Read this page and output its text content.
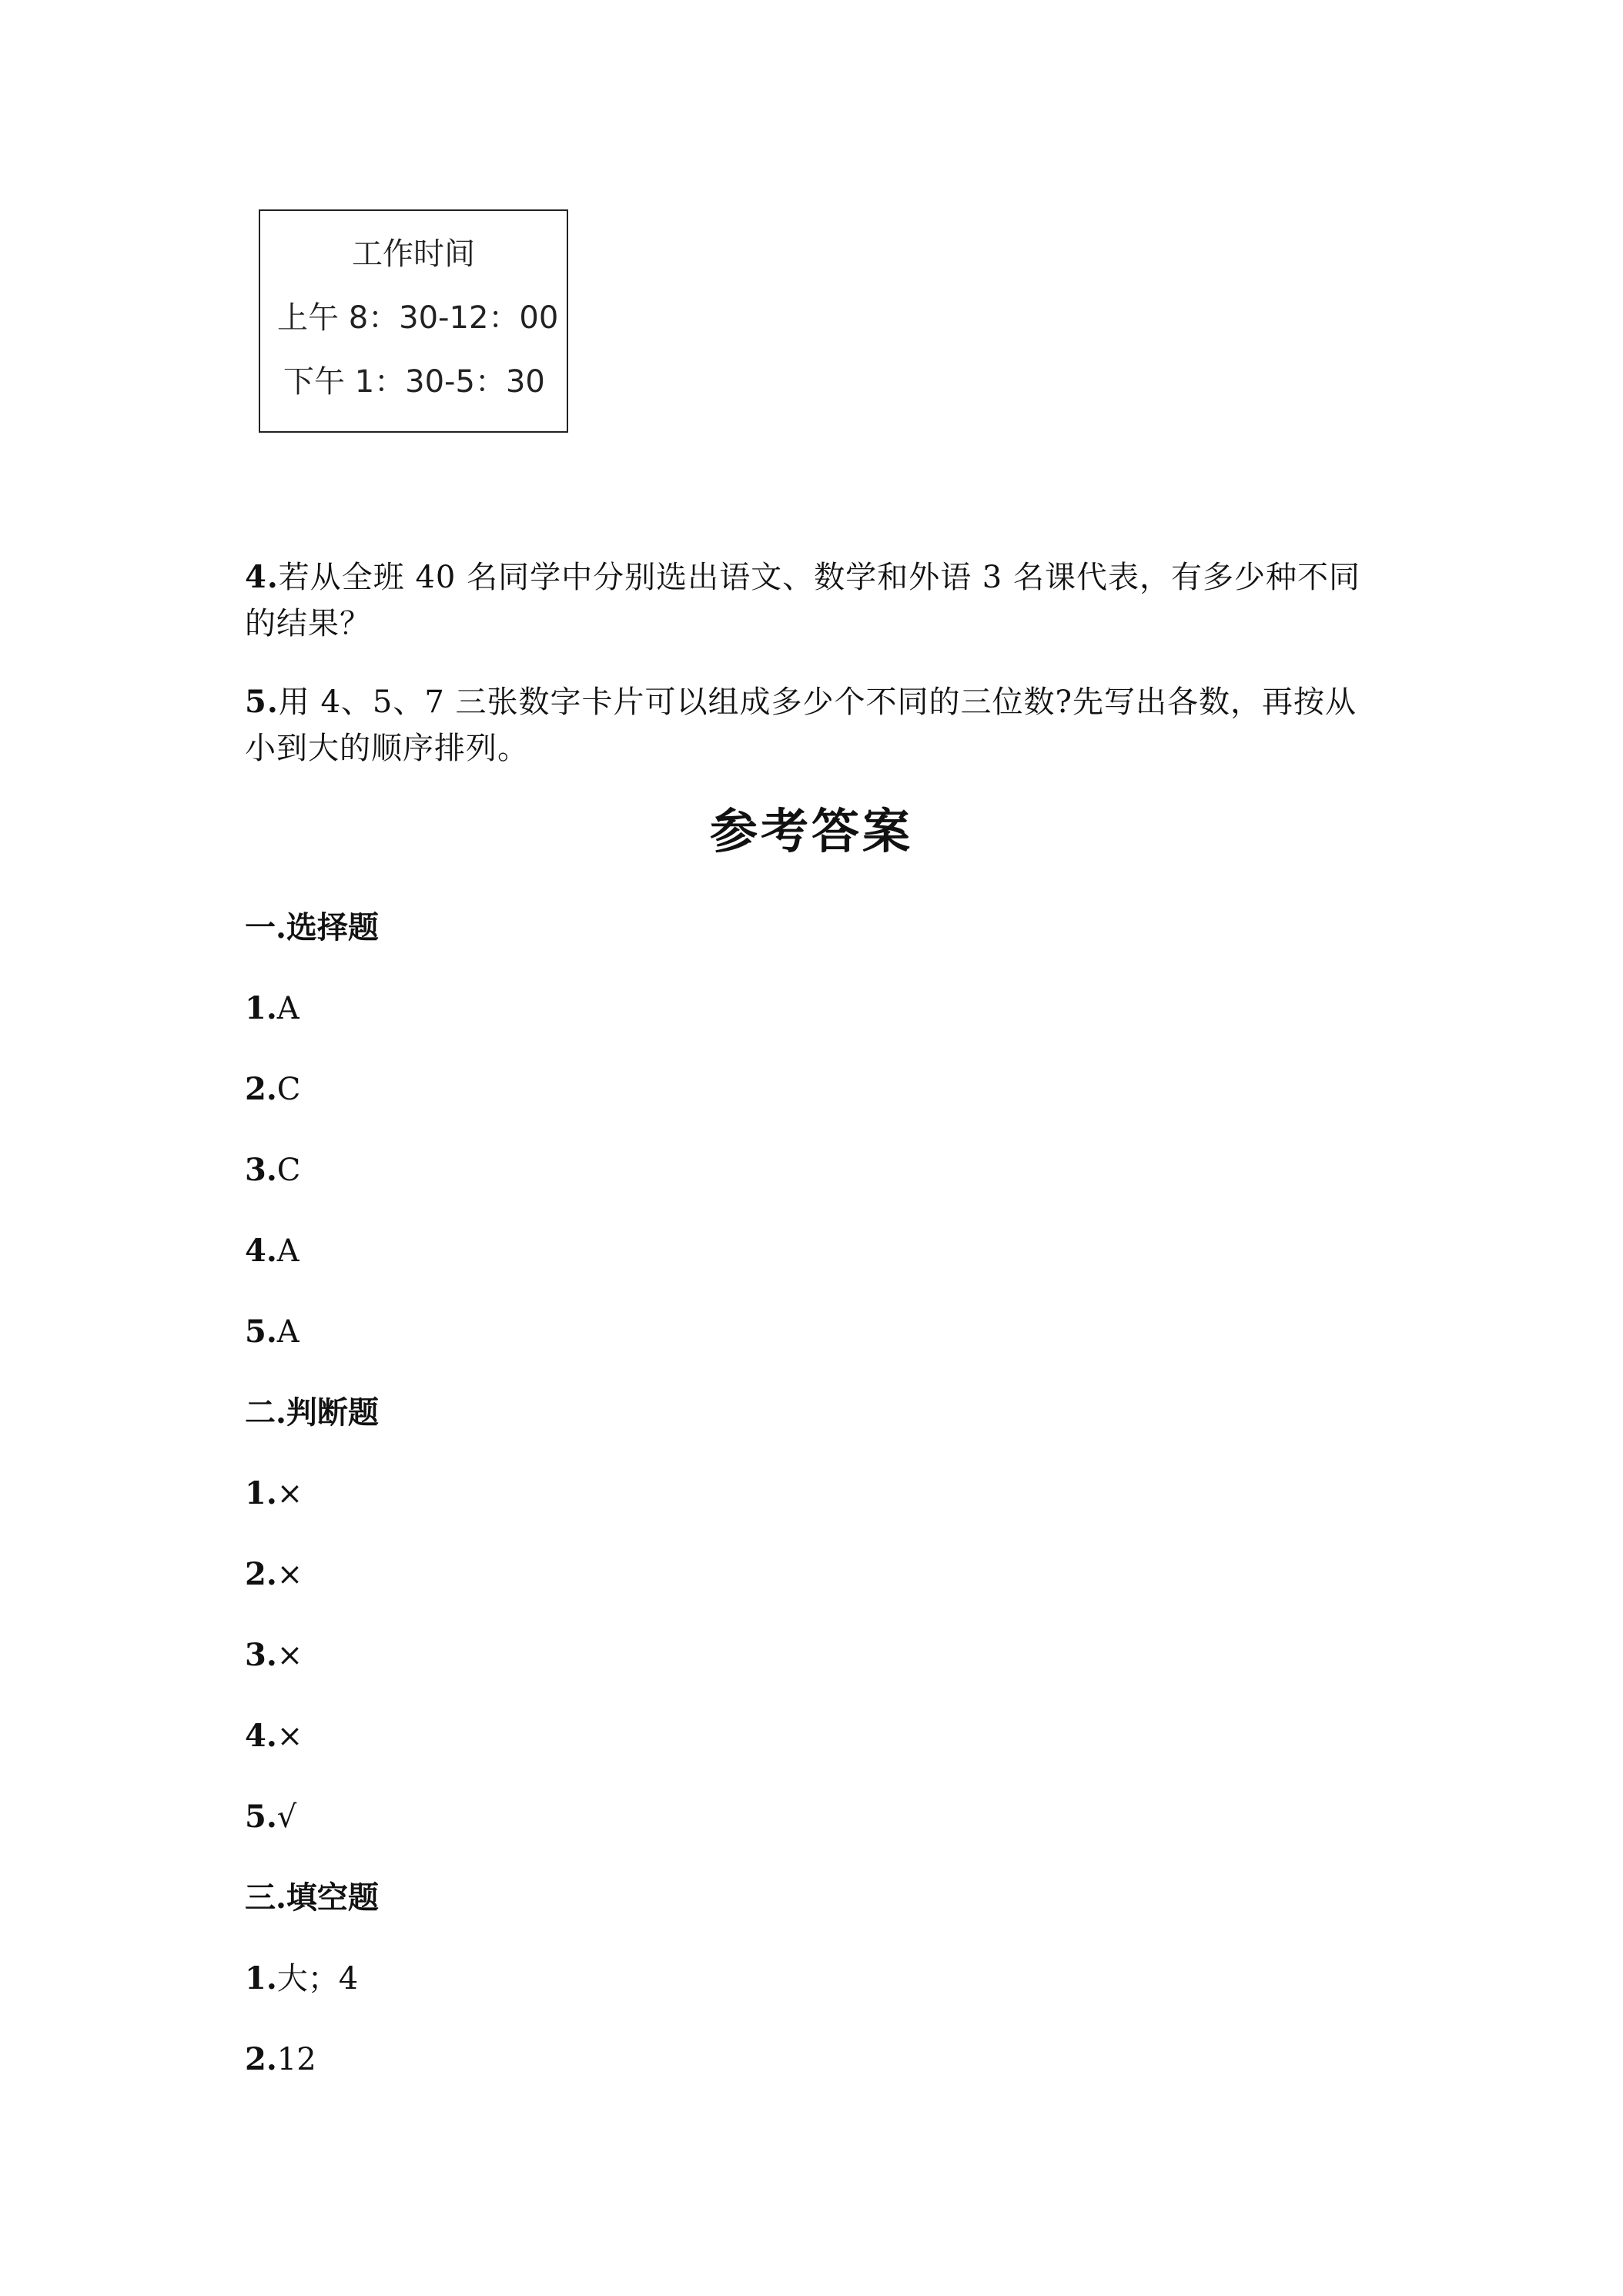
工作时间
上午 8：30-12：00
下午 1：30-5：30
4.若从全班 40 名同学中分别选出语文、数学和外语 3 名课代表，有多少种不同的结果？
5.用 4、5、7 三张数字卡片可以组成多少个不同的三位数?先写出各数，再按从小到大的顺序排列。
参考答案
一.选择题
1.A
2.C
3.C
4.A
5.A
二.判断题
1.×
2.×
3.×
4.×
5.√
三.填空题
1.大；4
2.12
